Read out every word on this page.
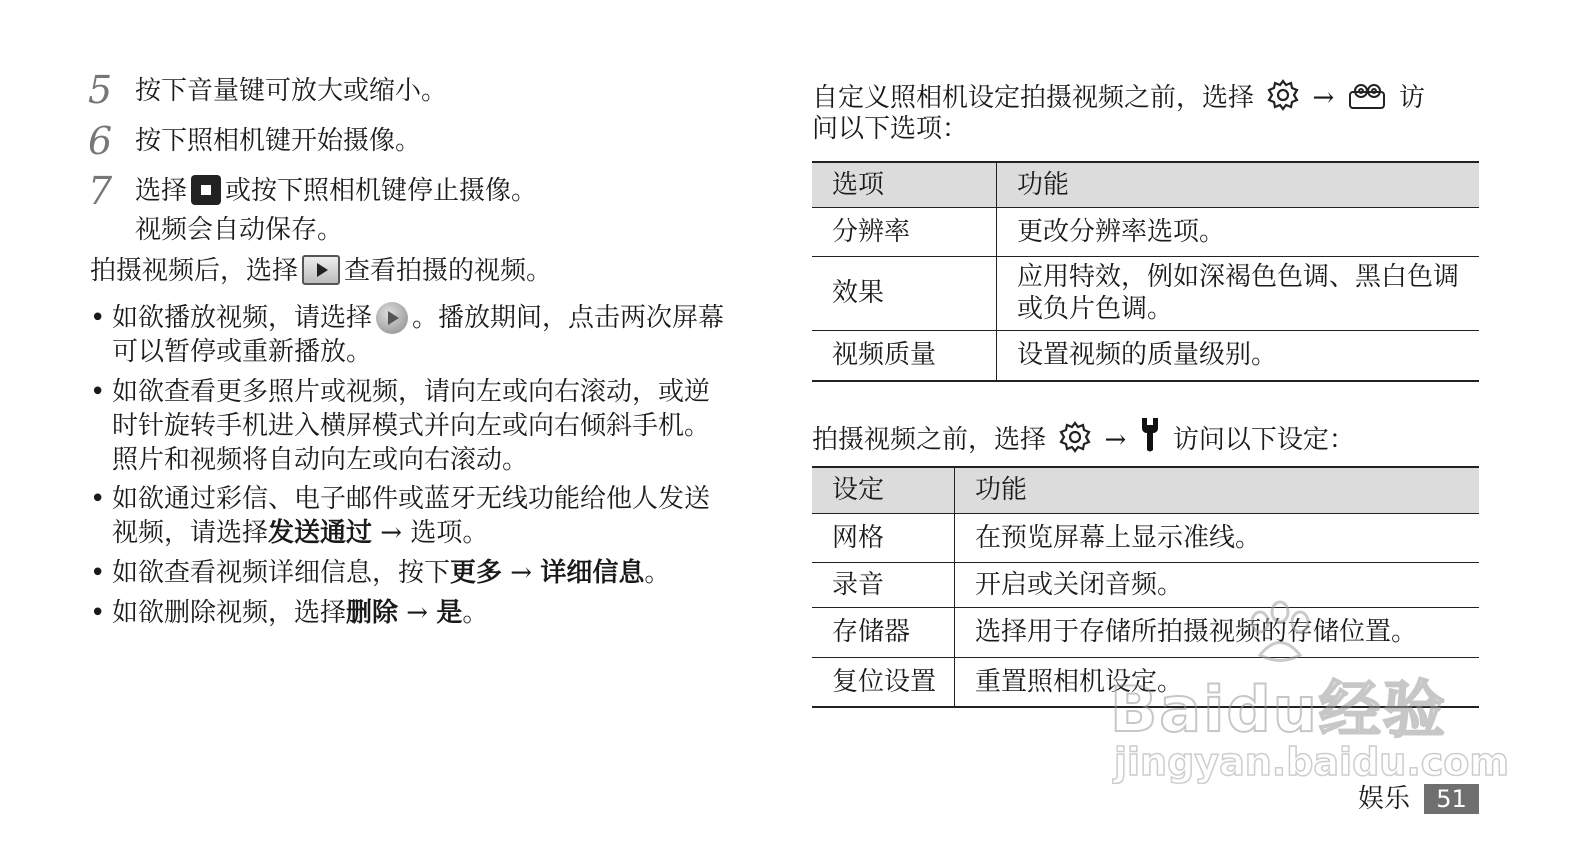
5 按下音量键可放大或缩小。
6 按下照相机键开始摄像。
7 选择 或按下照相机键停止摄像。
视频会自动保存。
拍摄视频后，选择 查看拍摄的视频。
• 如欲播放视频，请选择 。播放期间，点击两次屏幕可以暂停或重新播放。
• 如欲查看更多照片或视频，请向左或向右滚动，或逆时针旋转手机进入横屏模式并向左或向右倾斜手机。照片和视频将自动向左或向右滚动。
• 如欲通过彩信、电子邮件或蓝牙无线功能给他人发送视频，请选择发送通过 → 选项。
• 如欲查看视频详细信息，按下更多 → 详细信息。
• 如欲删除视频，选择删除 → 是。
自定义照相机设定拍摄视频之前，选择 → 访
问以下选项：
选项	功能
分辨率	更改分辨率选项。
效果	应用特效，例如深褐色色调、黑白色调或负片色调。
视频质量	设置视频的质量级别。
拍摄视频之前，选择 → 访问以下设定：
设定	功能
网格	在预览屏幕上显示准线。
录音	开启或关闭音频。
存储器	选择用于存储所拍摄视频的存储位置。
复位设置	重置照相机设定。
Baidu经验
jingyan.baidu.com
娱乐	51
